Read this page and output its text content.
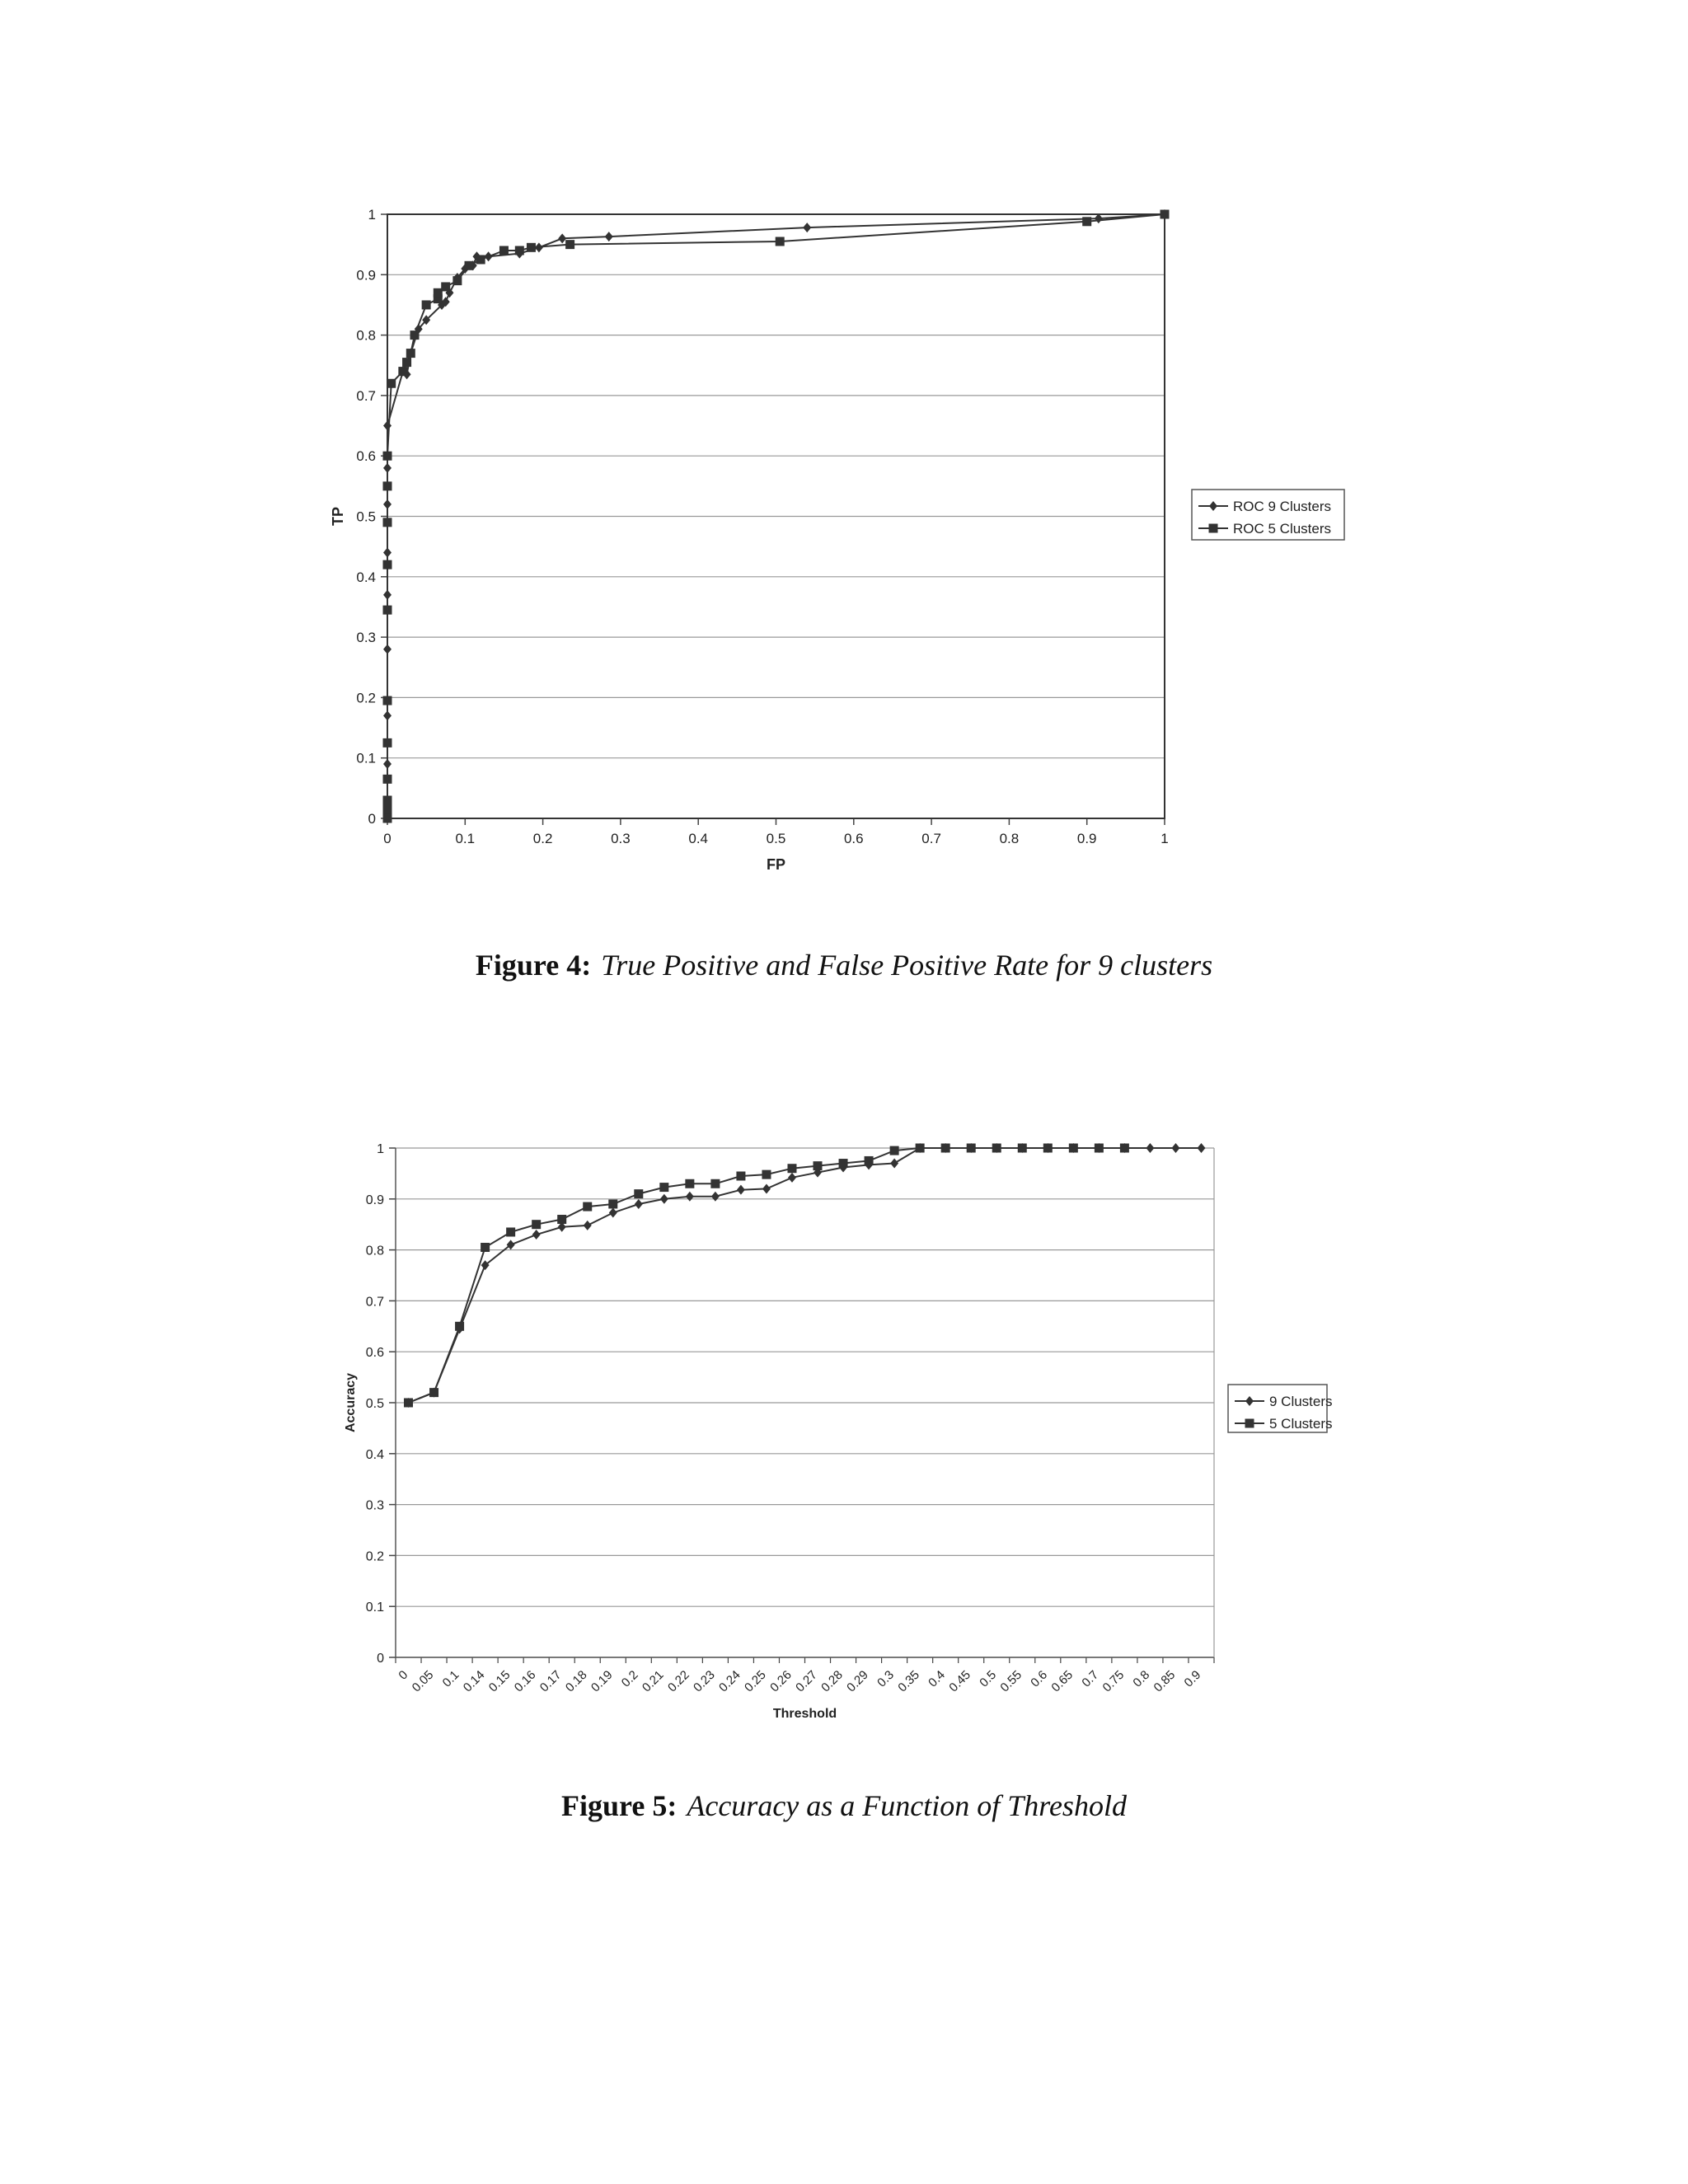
0
0.1
0.2
0.3
0.4
0.5
0.6
0.7
0.8
0.9
1
0	0.1	0.2	0.3	0.4	0.5	0.6	0.7	0.8	0.9	1
FP
TP
ROC 9 Clusters
ROC 5 Clusters
Figure 4: True Positive and False Positive Rate for 9 clusters
0
0.1
0.2
0.3
0.4
0.5
0.6
0.7
0.8
0.9
1
0
0.05 0.1
0.14
0.15
0.16
0.17
0.18
0.19 0.2
0.21
0.22
0.23
0.24
0.25
0.26
0.27
0.28
0.29 0.3
0.35 0.4
0.45 0.5
0.55 0.6
0.65 0.7
0.75 0.8
0.85 0.9
Threshold
Accuracy	9 Clusters
5 Clusters
Figure 5: Accuracy as a Function of Threshold
